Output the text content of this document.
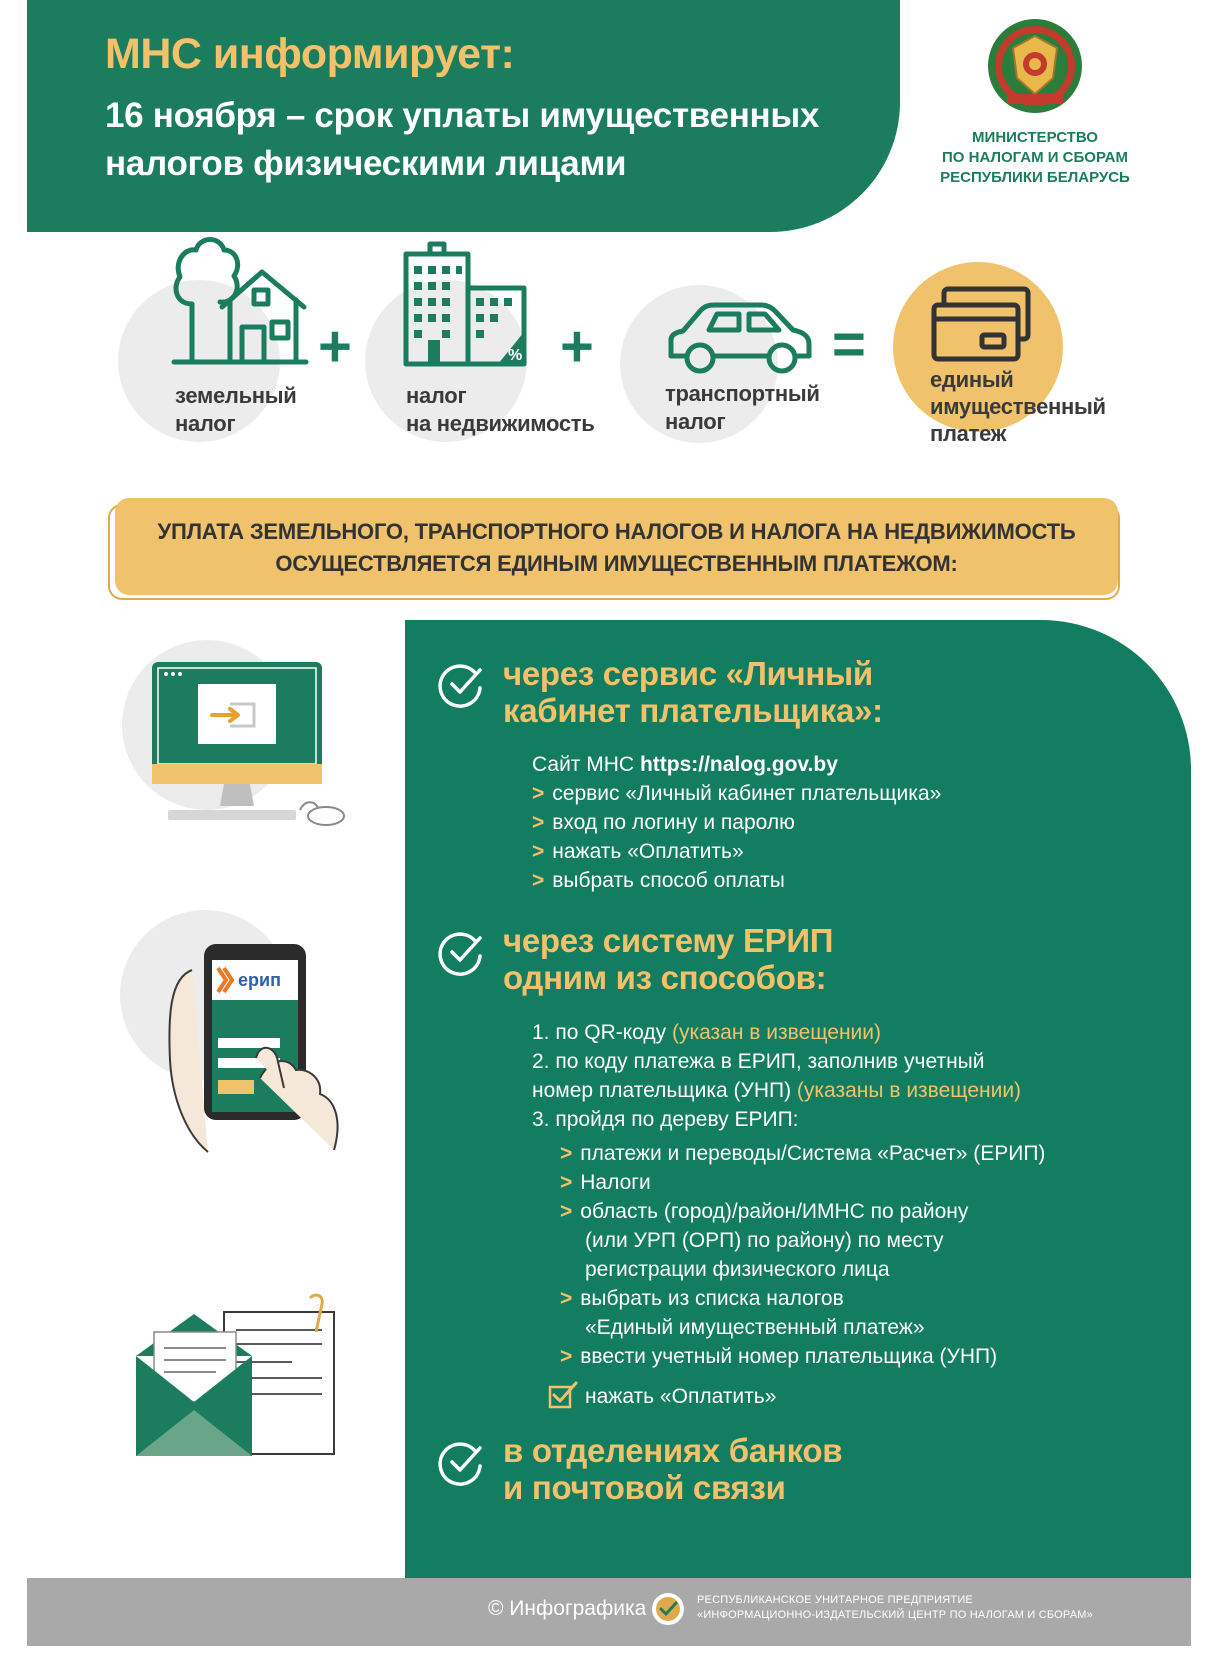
МНС информирует:
16 ноября – срок уплаты имущественных налогов физическими лицами
МИНИСТЕРСТВО
ПО НАЛОГАМ И СБОРАМ
РЕСПУБЛИКИ БЕЛАРУСЬ
земельный
налог
+	%
налог
на недвижимость
+
транспортный
налог
=
единый
имущественный
платеж
УПЛАТА ЗЕМЕЛЬНОГО, ТРАНСПОРТНОГО НАЛОГОВ И НАЛОГА НА НЕДВИЖИМОСТЬ
ОСУЩЕСТВЛЯЕТСЯ ЕДИНЫМ ИМУЩЕСТВЕННЫМ ПЛАТЕЖОМ:
ерип
через сервис «Личный
кабинет плательщика»:
Сайт МНС https://nalog.gov.by
> сервис «Личный кабинет плательщика»
> вход по логину и паролю
> нажать «Оплатить»
> выбрать способ оплаты
через систему ЕРИП
одним из способов:
1. по QR-коду (указан в извещении)
2. по коду платежа в ЕРИП, заполнив учетный
номер плательщика (УНП) (указаны в извещении)
3. пройдя по дереву ЕРИП:
> платежи и переводы/Система «Расчет» (ЕРИП)
> Налоги
> область (город)/район/ИМНС по району
(или УРП (ОРП) по району) по месту
регистрации физического лица
> выбрать из списка налогов
«Единый имущественный платеж»
> ввести учетный номер плательщика (УНП)
нажать «Оплатить»
в отделениях банков
и почтовой связи
© Инфографика	РЕСПУБЛИКАНСКОЕ УНИТАРНОЕ ПРЕДПРИЯТИЕ
«ИНФОРМАЦИОННО-ИЗДАТЕЛЬСКИЙ ЦЕНТР ПО НАЛОГАМ И СБОРАМ»
